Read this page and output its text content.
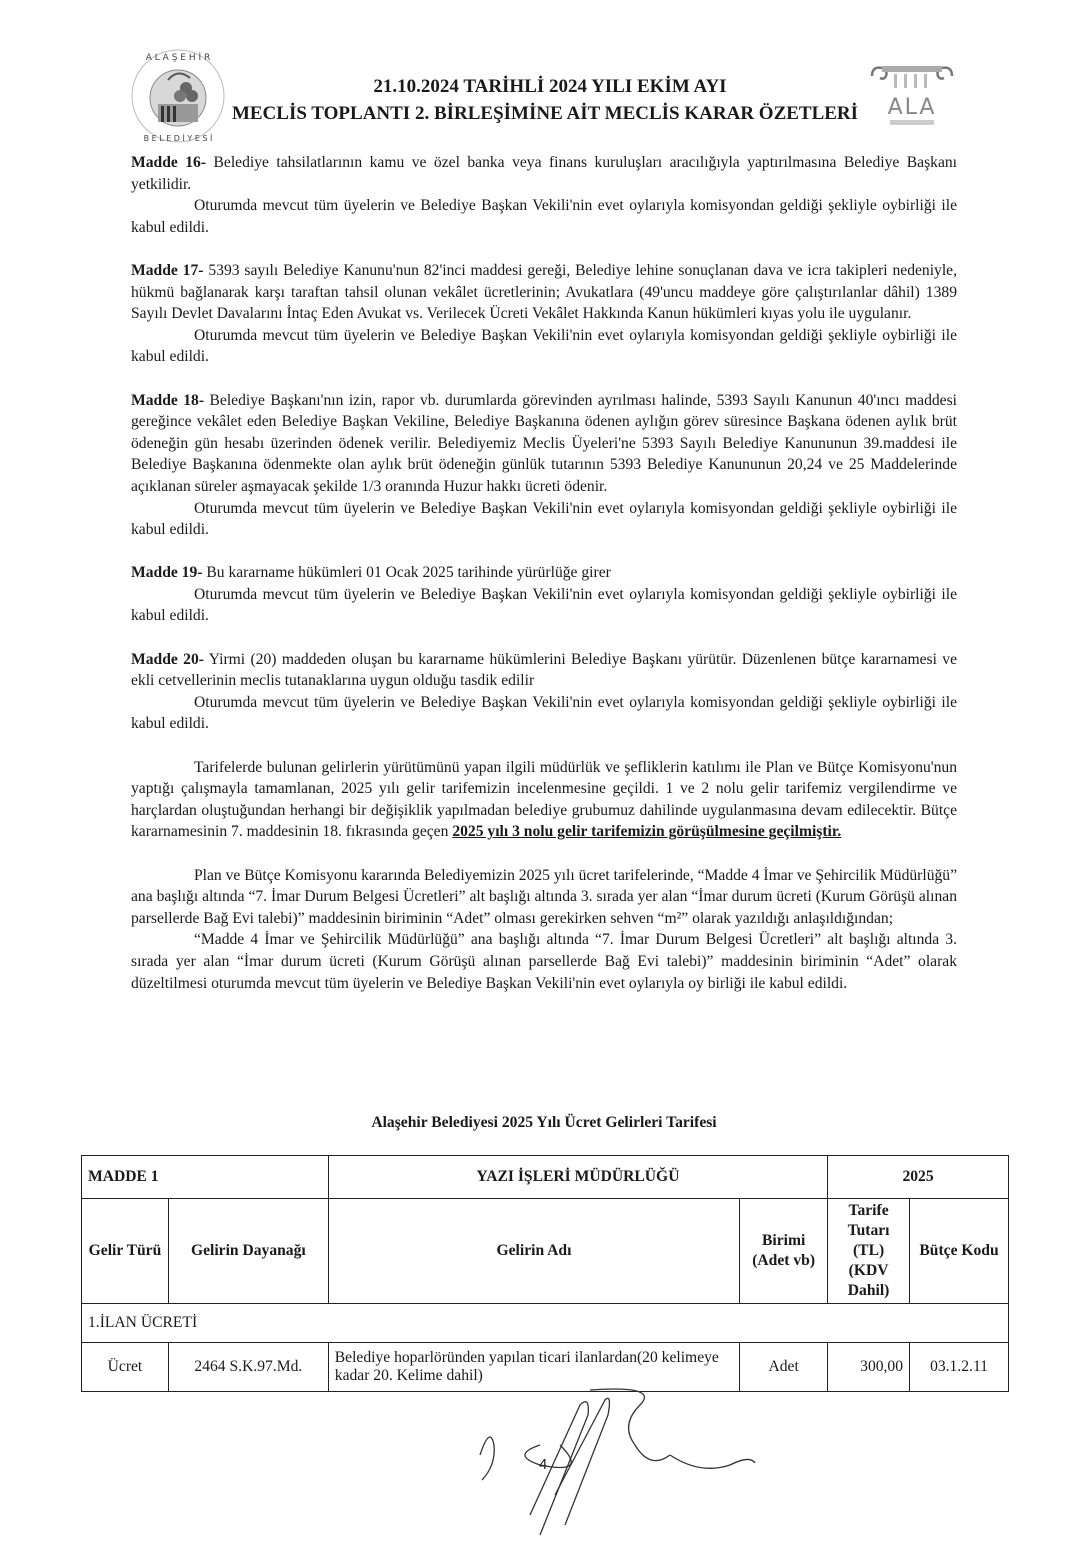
A L A Ş E H İ R
B E L E D İ Y E S İ
ALA
21.10.2024 TARİHLİ 2024 YILI EKİM AYI
MECLİS TOPLANTI 2. BİRLEŞİMİNE AİT MECLİS KARAR ÖZETLERİ

Madde 16- Belediye tahsilatlarının kamu ve özel banka veya finans kuruluşları aracılığıyla yaptırılmasına Belediye Başkanı yetkilidir.

Oturumda mevcut tüm üyelerin ve Belediye Başkan Vekili'nin evet oylarıyla komisyondan geldiği şekliyle oybirliği ile kabul edildi.

Madde 17- 5393 sayılı Belediye Kanunu'nun 82'inci maddesi gereği, Belediye lehine sonuçlanan dava ve icra takipleri nedeniyle, hükmü bağlanarak karşı taraftan tahsil olunan vekâlet ücretlerinin; Avukatlara (49'uncu maddeye göre çalıştırılanlar dâhil) 1389 Sayılı Devlet Davalarını İntaç Eden Avukat vs. Verilecek Ücreti Vekâlet Hakkında Kanun hükümleri kıyas yolu ile uygulanır.

Oturumda mevcut tüm üyelerin ve Belediye Başkan Vekili'nin evet oylarıyla komisyondan geldiği şekliyle oybirliği ile kabul edildi.

Madde 18- Belediye Başkanı'nın izin, rapor vb. durumlarda görevinden ayrılması halinde, 5393 Sayılı Kanunun 40'ıncı maddesi gereğince vekâlet eden Belediye Başkan Vekiline, Belediye Başkanına ödenen aylığın görev süresince Başkana ödenen aylık brüt ödeneğin gün hesabı üzerinden ödenek verilir. Belediyemiz Meclis Üyeleri'ne 5393 Sayılı Belediye Kanununun 39.maddesi ile Belediye Başkanına ödenmekte olan aylık brüt ödeneğin günlük tutarının 5393 Belediye Kanununun 20,24 ve 25 Maddelerinde açıklanan süreler aşmayacak şekilde 1/3 oranında Huzur hakkı ücreti ödenir.

Oturumda mevcut tüm üyelerin ve Belediye Başkan Vekili'nin evet oylarıyla komisyondan geldiği şekliyle oybirliği ile kabul edildi.

Madde 19- Bu kararname hükümleri 01 Ocak 2025 tarihinde yürürlüğe girer

Oturumda mevcut tüm üyelerin ve Belediye Başkan Vekili'nin evet oylarıyla komisyondan geldiği şekliyle oybirliği ile kabul edildi.

Madde 20- Yirmi (20) maddeden oluşan bu kararname hükümlerini Belediye Başkanı yürütür. Düzenlenen bütçe kararnamesi ve ekli cetvellerinin meclis tutanaklarına uygun olduğu tasdik edilir

Oturumda mevcut tüm üyelerin ve Belediye Başkan Vekili'nin evet oylarıyla komisyondan geldiği şekliyle oybirliği ile kabul edildi.

Tarifelerde bulunan gelirlerin yürütümünü yapan ilgili müdürlük ve şefliklerin katılımı ile Plan ve Bütçe Komisyonu'nun yaptığı çalışmayla tamamlanan, 2025 yılı gelir tarifemizin incelenmesine geçildi. 1 ve 2 nolu gelir tarifemiz vergilendirme ve harçlardan oluştuğundan herhangi bir değişiklik yapılmadan belediye grubumuz dahilinde uygulanmasına devam edilecektir. Bütçe kararnamesinin 7. maddesinin 18. fıkrasında geçen 2025 yılı 3 nolu gelir tarifemizin görüşülmesine geçilmiştir.

Plan ve Bütçe Komisyonu kararında Belediyemizin 2025 yılı ücret tarifelerinde, “Madde 4 İmar ve Şehircilik Müdürlüğü” ana başlığı altında “7. İmar Durum Belgesi Ücretleri” alt başlığı altında 3. sırada yer alan “İmar durum ücreti (Kurum Görüşü alınan parsellerde Bağ Evi talebi)” maddesinin biriminin “Adet” olması gerekirken sehven “m²” olarak yazıldığı anlaşıldığından;

“Madde 4 İmar ve Şehircilik Müdürlüğü” ana başlığı altında “7. İmar Durum Belgesi Ücretleri” alt başlığı altında 3. sırada yer alan “İmar durum ücreti (Kurum Görüşü alınan parsellerde Bağ Evi talebi)” maddesinin biriminin “Adet” olarak düzeltilmesi oturumda mevcut tüm üyelerin ve Belediye Başkan Vekili'nin evet oylarıyla oy birliği ile kabul edildi.

Alaşehir Belediyesi 2025 Yılı Ücret Gelirleri Tarifesi
MADDE 1		YAZI İŞLERİ MÜDÜRLÜĞÜ		2025	
Gelir Türü	Gelirin Dayanağı	Gelirin Adı	Birimi (Adet vb)	Tarife Tutarı (TL) (KDV Dahil)	Bütçe Kodu
1.İLAN ÜCRETİ					
Ücret	2464 S.K.97.Md.	Belediye hoparlöründen yapılan ticari ilanlardan(20 kelimeye kadar 20. Kelime dahil)	Adet	300,00	03.1.2.11
4
